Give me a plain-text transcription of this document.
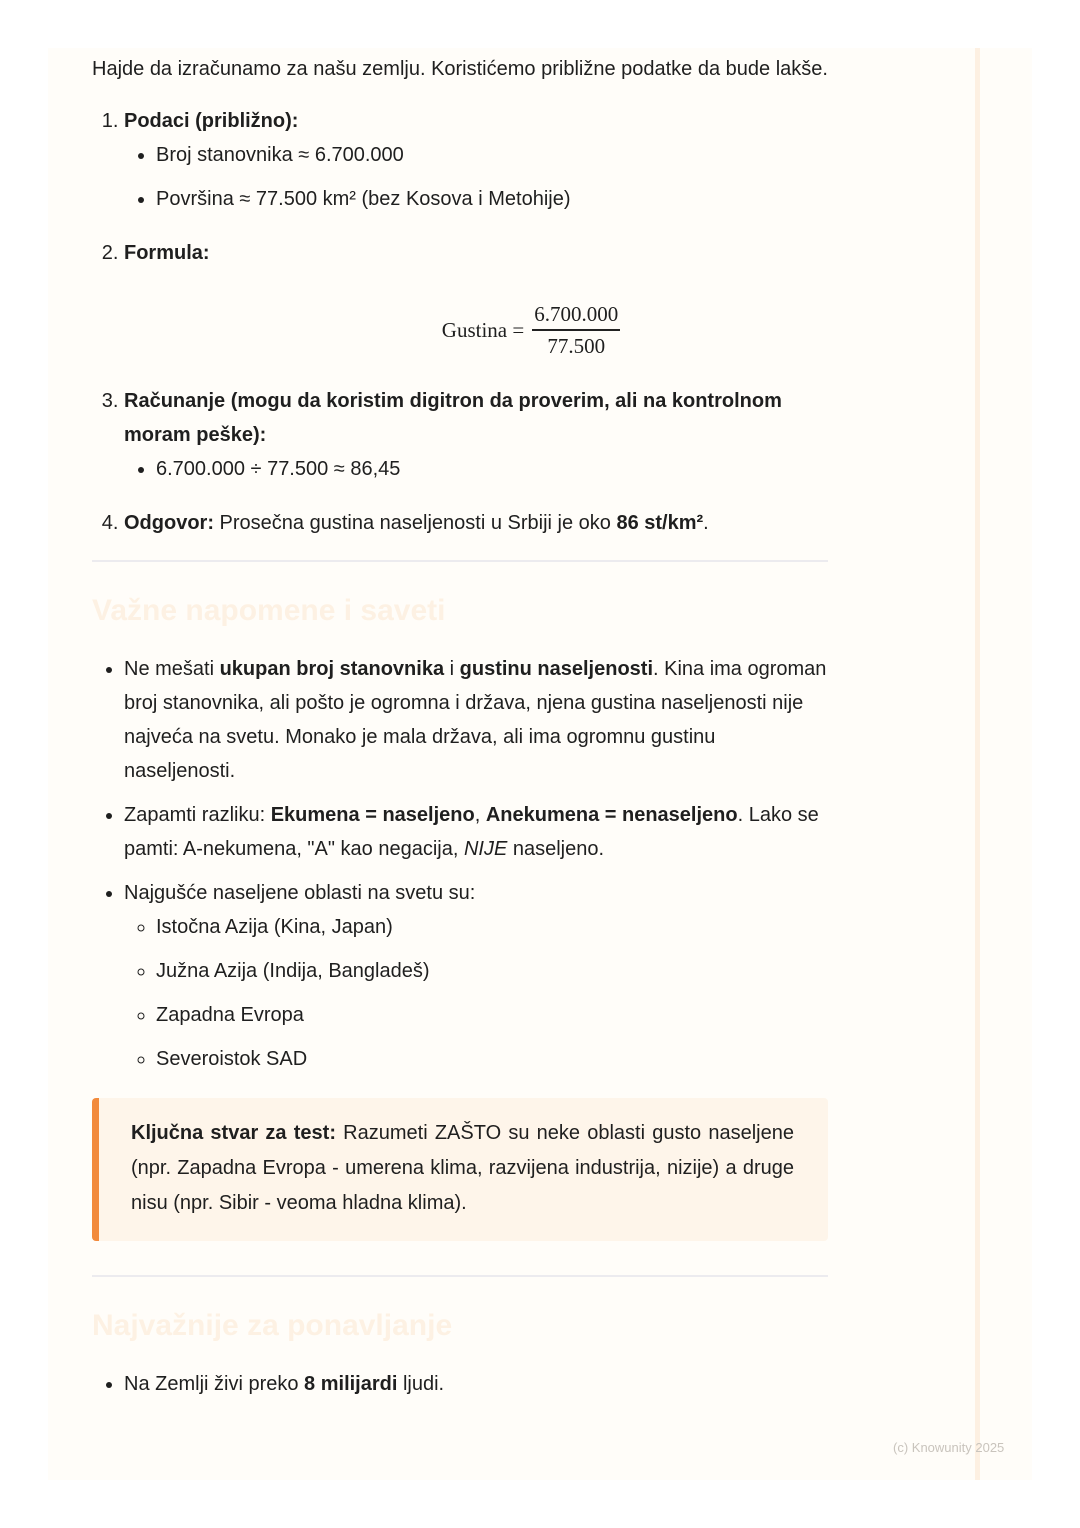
Hajde da izračunamo za našu zemlju. Koristićemo približne podatke da bude lakše.

1. Podaci (približno):
• Broj stanovnika ≈ 6.700.000
• Površina ≈ 77.500 km² (bez Kosova i Metohije)
2. Formula:
Gustina = $\frac{6.700.000}{77.500}$
3. Računanje (mogu da koristim digitron da proverim, ali na kontrolnom moram peške):
• 6.700.000 ÷ 77.500 ≈ 86,45
4. Odgovor: Prosečna gustina naseljenosti u Srbiji je oko 86 st/km².
Važne napomene i saveti
• Ne mešati ukupan broj stanovnika i gustinu naseljenosti. Kina ima ogroman broj stanovnika, ali pošto je ogromna i država, njena gustina naseljenosti nije najveća na svetu. Monako je mala država, ali ima ogromnu gustinu naseljenosti.
• Zapamti razliku: Ekumena = naseljeno, Anekumena = nenaseljeno. Lako se pamti: A-nekumena, "A" kao negacija, NIJE naseljeno.
• Najgušće naseljene oblasti na svetu su:
◦ Istočna Azija (Kina, Japan)
◦ Južna Azija (Indija, Bangladeš)
◦ Zapadna Evropa
◦ Severoistok SAD
Ključna stvar za test: Razumeti ZAŠTO su neke oblasti gusto naseljene (npr. Zapadna Evropa - umerena klima, razvijena industrija, nizije) a druge nisu (npr. Sibir - veoma hladna klima).
Najvažnije za ponavljanje
• Na Zemlji živi preko 8 milijardi ljudi.
(c) Knowunity 2025
